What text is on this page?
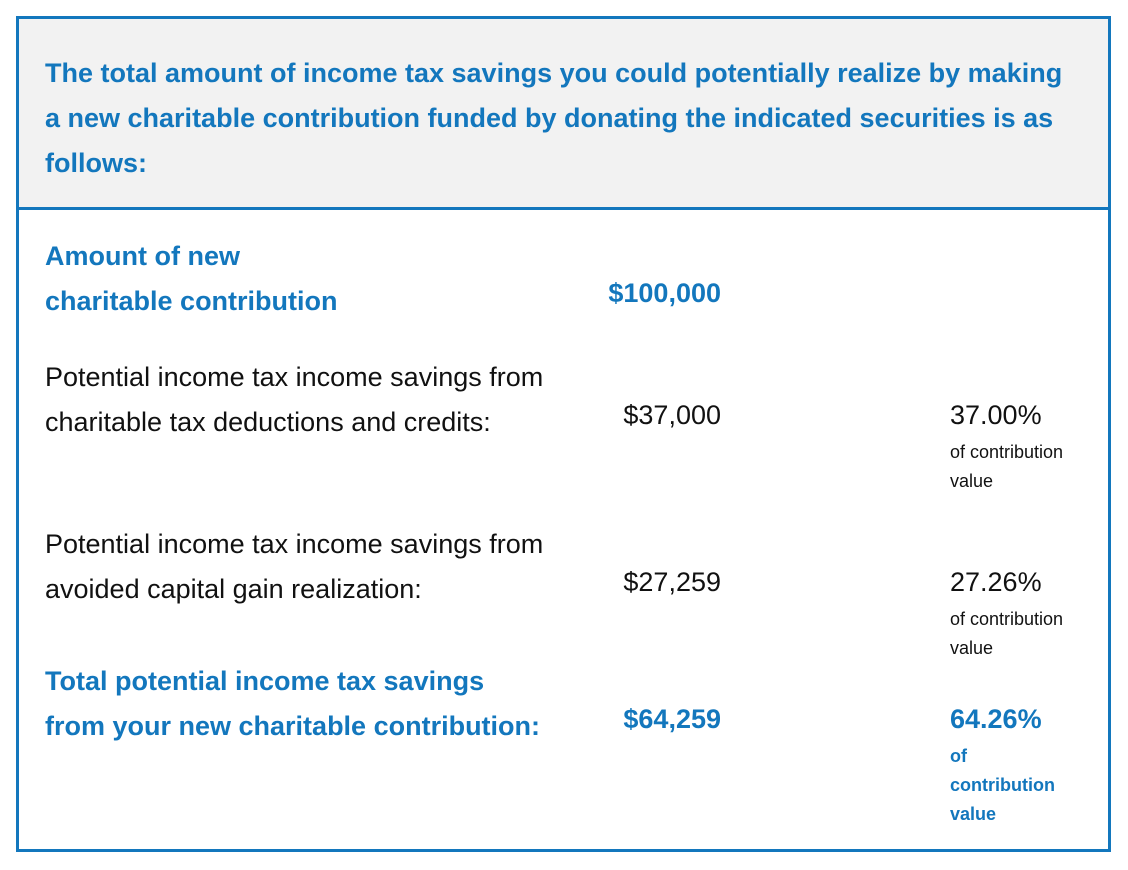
The total amount of income tax savings you could potentially realize by making a new charitable contribution funded by donating the indicated securities is as follows:
Amount of new
charitable contribution	$100,000
Potential income tax income savings from charitable tax deductions and credits:	$37,000	37.00%
of contribution value
Potential income tax income savings from avoided capital gain realization:	$27,259	27.26%
of contribution value
Total potential income tax savings from your new charitable contribution:	$64,259	64.26%
of
contribution
value
